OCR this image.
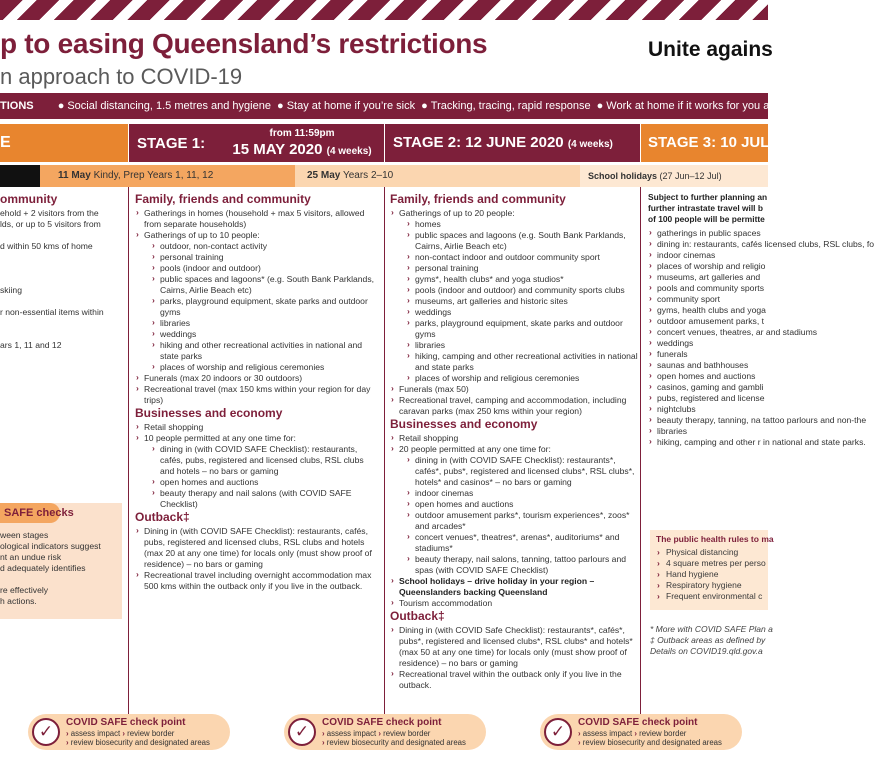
p to easing Queensland’s restrictions
n approach to COVID-19
Unite agains
TIONS ● Social distancing, 1.5 metres and hygiene ● Stay at home if you’re sick ● Tracking, tracing, rapid response ● Work at home if it works for you and
E	STAGE 1:
from 11:59pm
15 MAY 2020 (4 weeks)
STAGE 2: 12 JUNE 2020 (4 weeks)	STAGE 3: 10 JULY
11 May Kindy, Prep Years 1, 11, 12	25 May Years 2–10	School holidays (27 Jun–12 Jul)
ommunity
ehold + 2 visitors from the
lds, or up to 5 visitors from

d within 50 kms of home

skiing

r non-essential items within

ars 1, 11 and 12
SAFE checks
ween stages
ological indicators suggest
nt an undue risk
d adequately identifies

re effectively
h actions.
Family, friends and community
› Gatherings in homes (household + max 5 visitors, allowed from separate households)
› Gatherings of up to 10 people:
› outdoor, non-contact activity
› personal training
› pools (indoor and outdoor)
› public spaces and lagoons* (e.g. South Bank Parklands, Cairns, Airlie Beach etc)
› parks, playground equipment, skate parks and outdoor gyms
› libraries
› weddings
› hiking and other recreational activities in national and state parks
› places of worship and religious ceremonies
› Funerals (max 20 indoors or 30 outdoors)
› Recreational travel (max 150 kms within your region for day trips)
Businesses and economy
› Retail shopping
› 10 people permitted at any one time for:
› dining in (with COVID SAFE Checklist): restaurants, cafés, pubs, registered and licensed clubs, RSL clubs and hotels – no bars or gaming
› open homes and auctions
› beauty therapy and nail salons (with COVID SAFE Checklist)
Outback‡
› Dining in (with COVID SAFE Checklist): restaurants, cafés, pubs, registered and licensed clubs, RSL clubs and hotels (max 20 at any one time) for locals only (must show proof of residence) – no bars or gaming
› Recreational travel including overnight accommodation max 500 kms within the outback only if you live in the outback.
Family, friends and community
› Gatherings of up to 20 people:
› homes
› public spaces and lagoons (e.g. South Bank Parklands, Cairns, Airlie Beach etc)
› non-contact indoor and outdoor community sport
› personal training
› gyms*, health clubs* and yoga studios*
› pools (indoor and outdoor) and community sports clubs
› museums, art galleries and historic sites
› weddings
› parks, playground equipment, skate parks and outdoor gyms
› libraries
› hiking, camping and other recreational activities in national and state parks
› places of worship and religious ceremonies
› Funerals (max 50)
› Recreational travel, camping and accommodation, including caravan parks (max 250 kms within your region)
Businesses and economy
› Retail shopping
› 20 people permitted at any one time for:
› dining in (with COVID SAFE Checklist): restaurants*, cafés*, pubs*, registered and licensed clubs*, RSL clubs*, hotels* and casinos* – no bars or gaming
› indoor cinemas
› open homes and auctions
› outdoor amusement parks*, tourism experiences*, zoos* and arcades*
› concert venues*, theatres*, arenas*, auditoriums* and stadiums*
› beauty therapy, nail salons, tanning, tattoo parlours and spas (with COVID SAFE Checklist)
› School holidays – drive holiday in your region – Queenslanders backing Queensland
› Tourism accommodation
Outback‡
› Dining in (with COVID Safe Checklist): restaurants*, cafés*, pubs*, registered and licensed clubs*, RSL clubs* and hotels* (max 50 at any one time) for locals only (must show proof of residence) – no bars or gaming
› Recreational travel within the outback only if you live in the outback.
Subject to further planning an
further intrastate travel will b
of 100 people will be permitte
› gatherings in public spaces
› dining in: restaurants, cafés licensed clubs, RSL clubs, fo
› indoor cinemas
› places of worship and religio
› museums, art galleries and
› pools and community sports
› community sport
› gyms, health clubs and yoga
› outdoor amusement parks, t
› concert venues, theatres, ar and stadiums
› weddings
› funerals
› saunas and bathhouses
› open homes and auctions
› casinos, gaming and gambli
› pubs, registered and license
› nightclubs
› beauty therapy, tanning, na tattoo parlours and non-the
› libraries
› hiking, camping and other r in national and state parks.
The public health rules to ma
› Physical distancing
› 4 square metres per perso
› Hand hygiene
› Respiratory hygiene
› Frequent environmental c
* More with COVID SAFE Plan a
‡ Outback areas as defined by
Details on COVID19.qld.gov.a
✓	COVID SAFE check point
› assess impact › review border
› review biosecurity and designated areas
✓	COVID SAFE check point
› assess impact › review border
› review biosecurity and designated areas
✓	COVID SAFE check point
› assess impact › review border
› review biosecurity and designated areas
